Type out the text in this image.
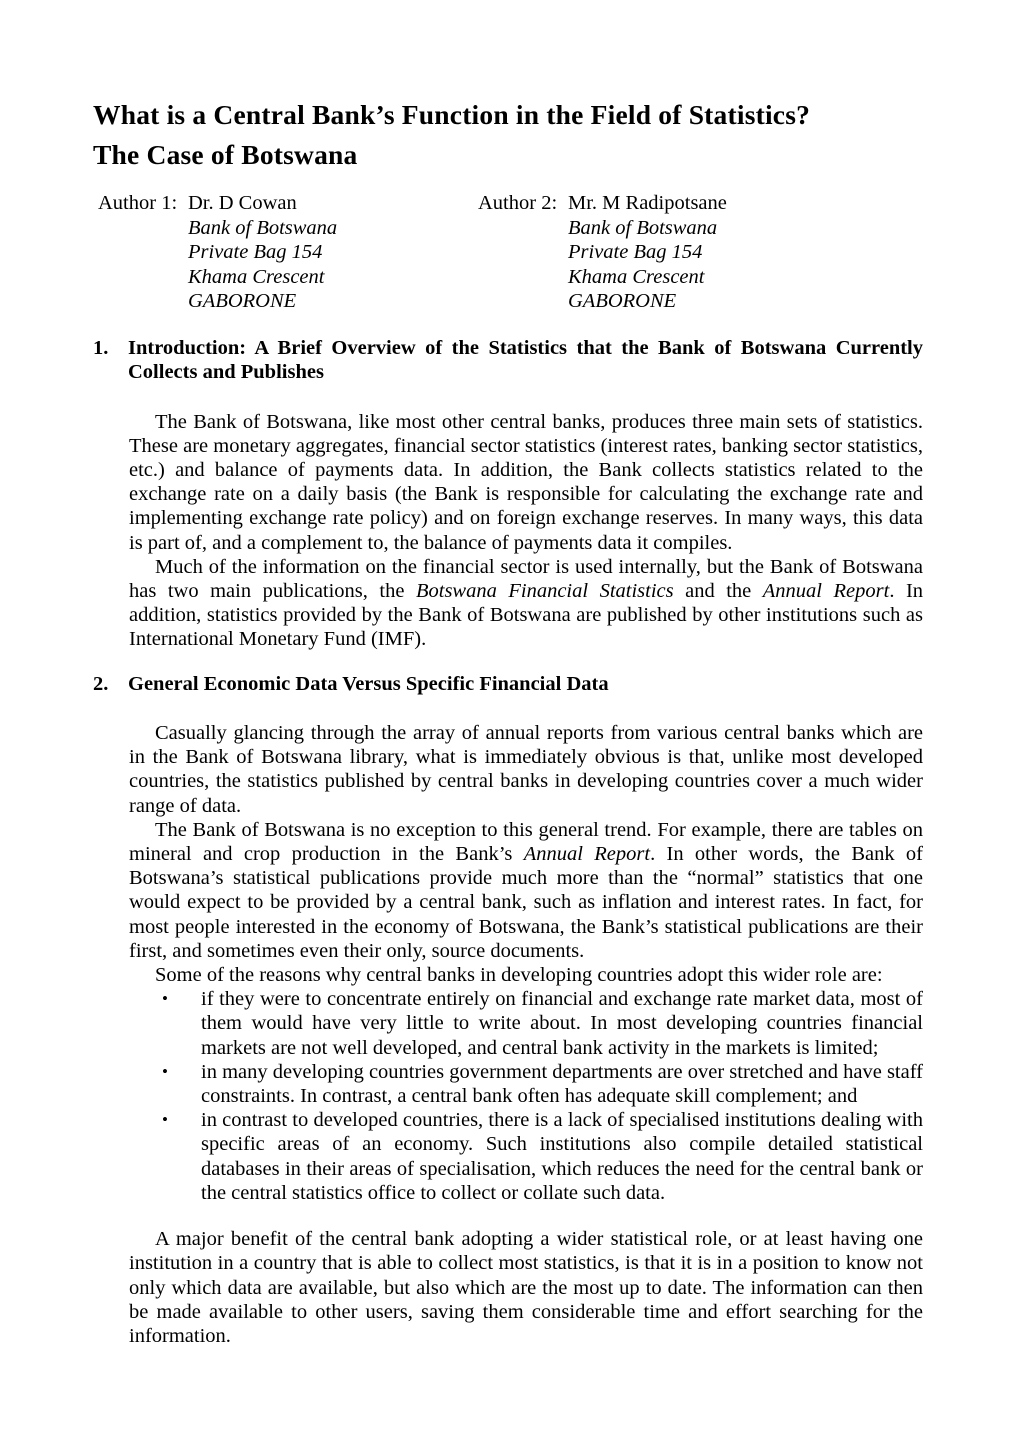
What is a Central Bank’s Function in the Field of Statistics?
The Case of Botswana
Author 1: Dr. D Cowan
Bank of Botswana
Private Bag 154
Khama Crescent
GABORONE
Author 2: Mr. M Radipotsane
Bank of Botswana
Private Bag 154
Khama Crescent
GABORONE
1. Introduction: A Brief Overview of the Statistics that the Bank of Botswana Currently Collects and Publishes

The Bank of Botswana, like most other central banks, produces three main sets of statistics. These are monetary aggregates, financial sector statistics (interest rates, banking sector statistics, etc.) and balance of payments data. In addition, the Bank collects statistics related to the exchange rate on a daily basis (the Bank is responsible for calculating the exchange rate and implementing exchange rate policy) and on foreign exchange reserves. In many ways, this data is part of, and a complement to, the balance of payments data it compiles.

Much of the information on the financial sector is used internally, but the Bank of Botswana has two main publications, the Botswana Financial Statistics and the Annual Report. In addition, statistics provided by the Bank of Botswana are published by other institutions such as International Monetary Fund (IMF).

2. General Economic Data Versus Specific Financial Data

Casually glancing through the array of annual reports from various central banks which are in the Bank of Botswana library, what is immediately obvious is that, unlike most developed countries, the statistics published by central banks in developing countries cover a much wider range of data.

The Bank of Botswana is no exception to this general trend. For example, there are tables on mineral and crop production in the Bank’s Annual Report. In other words, the Bank of Botswana’s statistical publications provide much more than the “normal” statistics that one would expect to be provided by a central bank, such as inflation and interest rates. In fact, for most people interested in the economy of Botswana, the Bank’s statistical publications are their first, and sometimes even their only, source documents.

Some of the reasons why central banks in developing countries adopt this wider role are:

•	if they were to concentrate entirely on financial and exchange rate market data, most of them would have very little to write about. In most developing countries financial markets are not well developed, and central bank activity in the markets is limited;
•	in many developing countries government departments are over stretched and have staff constraints. In contrast, a central bank often has adequate skill complement; and
•	in contrast to developed countries, there is a lack of specialised institutions dealing with specific areas of an economy. Such institutions also compile detailed statistical databases in their areas of specialisation, which reduces the need for the central bank or the central statistics office to collect or collate such data.

A major benefit of the central bank adopting a wider statistical role, or at least having one institution in a country that is able to collect most statistics, is that it is in a position to know not only which data are available, but also which are the most up to date. The information can then be made available to other users, saving them considerable time and effort searching for the information.
